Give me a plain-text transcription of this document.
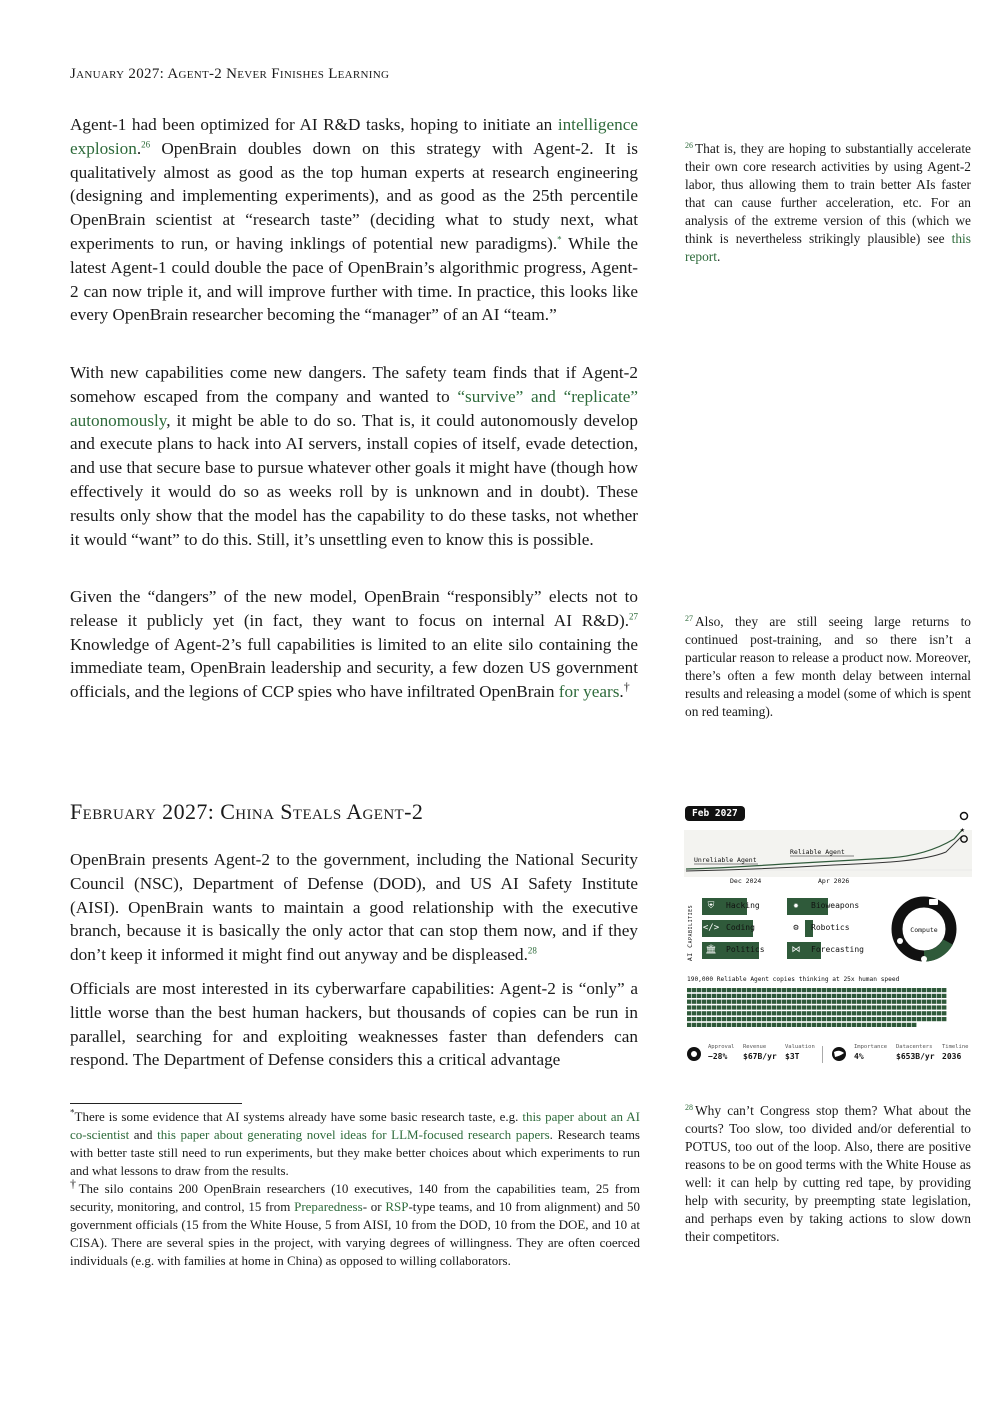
January 2027: Agent-2 Never Finishes Learning

Agent-1 had been optimized for AI R&D tasks, hoping to initiate an intelligence explosion.$^{26}$ OpenBrain doubles down on this strategy with Agent-2. It is qualitatively almost as good as the top human experts at research engineering (designing and implementing experiments), and as good as the 25th percentile OpenBrain scientist at “research taste” (deciding what to study next, what experiments to run, or having inklings of potential new paradigms).* While the latest Agent-1 could double the pace of OpenBrain’s algorithmic progress, Agent-2 can now triple it, and will improve further with time. In practice, this looks like every OpenBrain researcher becoming the “manager” of an AI “team.”

With new capabilities come new dangers. The safety team finds that if Agent-2 somehow escaped from the company and wanted to “survive” and “replicate” autonomously, it might be able to do so. That is, it could autonomously develop and execute plans to hack into AI servers, install copies of itself, evade detection, and use that secure base to pursue whatever other goals it might have (though how effectively it would do so as weeks roll by is unknown and in doubt). These results only show that the model has the capability to do these tasks, not whether it would “want” to do this. Still, it’s unsettling even to know this is possible.

Given the “dangers” of the new model, OpenBrain “responsibly” elects not to release it publicly yet (in fact, they want to focus on internal AI R&D).$^{27}$ Knowledge of Agent-2’s full capabilities is limited to an elite silo containing the immediate team, OpenBrain leadership and security, a few dozen US government officials, and the legions of CCP spies who have infiltrated OpenBrain for years.†

February 2027: China Steals Agent-2

OpenBrain presents Agent-2 to the government, including the National Security Council (NSC), Department of Defense (DOD), and US AI Safety Institute (AISI). OpenBrain wants to maintain a good relationship with the executive branch, because it is basically the only actor that can stop them now, and if they don’t keep it informed it might find out anyway and be displeased.$^{28}$

Officials are most interested in its cyberwarfare capabilities: Agent-2 is “only” a little worse than the best human hackers, but thousands of copies can be run in parallel, searching for and exploiting weaknesses faster than defenders can respond. The Department of Defense considers this a critical advantage

$^{26}$ That is, they are hoping to substantially accelerate their own core research activities by using Agent-2 labor, thus allowing them to train better AIs faster that can cause further acceleration, etc. For an analysis of the extreme version of this (which we think is nevertheless strikingly plausible) see this report.
$^{27}$ Also, they are still seeing large returns to continued post-training, and so there isn’t a particular reason to release a product now. Moreover, there’s often a few month delay between internal results and releasing a model (some of which is spent on red teaming).
$^{28}$ Why can’t Congress stop them? What about the courts? Too slow, too divided and/or deferential to POTUS, too out of the loop. Also, there are positive reasons to be on good terms with the White House as well: it can help by cutting red tape, by providing help with security, by preempting state legislation, and perhaps even by taking actions to slow down their competitors.

*There is some evidence that AI systems already have some basic research taste, e.g. this paper about an AI co-scientist and this paper about generating novel ideas for LLM-focused research papers. Research teams with better taste still need to run experiments, but they make better choices about which experiments to run and what lessons to draw from the results.

†The silo contains 200 OpenBrain researchers (10 executives, 140 from the capabilities team, 25 from security, monitoring, and control, 15 from Preparedness- or RSP-type teams, and 10 from alignment) and 50 government officials (15 from the White House, 5 from AISI, 10 from the DOD, 10 from the DOE, and 10 at CISA). There are several spies in the project, with varying degrees of willingness. They are often coerced individuals (e.g. with families at home in China) as opposed to willing collaborators.

Feb 2027
Unreliable Agent
Reliable Agent
★
Dec 2024	Apr 2026
AI Capabilities	⛨	Hacking	✹	Bioweapons
</> Coding	⚙	Robotics
🏛	Politics	⋈	Forecasting
Compute
190,000 Reliable Agent copies thinking at 25x human speed
Approval
−28%
Revenue
$67B/yr
Valuation
$3T
Importance
4%
Datacenters
$653B/yr
Timeline
2036
